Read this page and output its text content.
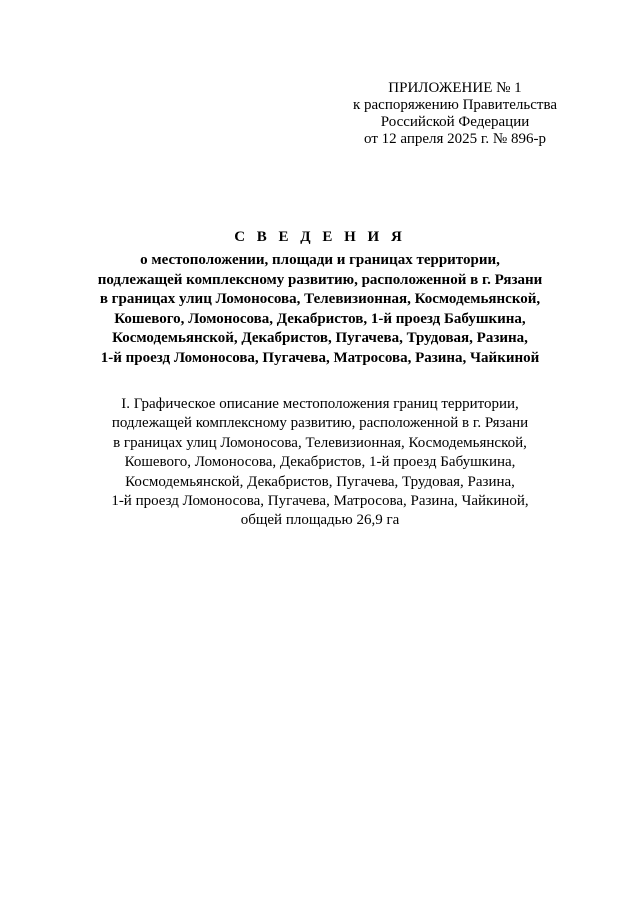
ПРИЛОЖЕНИЕ № 1
к распоряжению Правительства
Российской Федерации
от 12 апреля 2025 г. № 896-р
С В Е Д Е Н И Я
о местоположении, площади и границах территории,
подлежащей комплексному развитию, расположенной в г. Рязани
в границах улиц Ломоносова, Телевизионная, Космодемьянской,
Кошевого, Ломоносова, Декабристов, 1-й проезд Бабушкина,
Космодемьянской, Декабристов, Пугачева, Трудовая, Разина,
1-й проезд Ломоносова, Пугачева, Матросова, Разина, Чайкиной
I. Графическое описание местоположения границ территории,
подлежащей комплексному развитию, расположенной в г. Рязани
в границах улиц Ломоносова, Телевизионная, Космодемьянской,
Кошевого, Ломоносова, Декабристов, 1-й проезд Бабушкина,
Космодемьянской, Декабристов, Пугачева, Трудовая, Разина,
1-й проезд Ломоносова, Пугачева, Матросова, Разина, Чайкиной,
общей площадью 26,9 га
